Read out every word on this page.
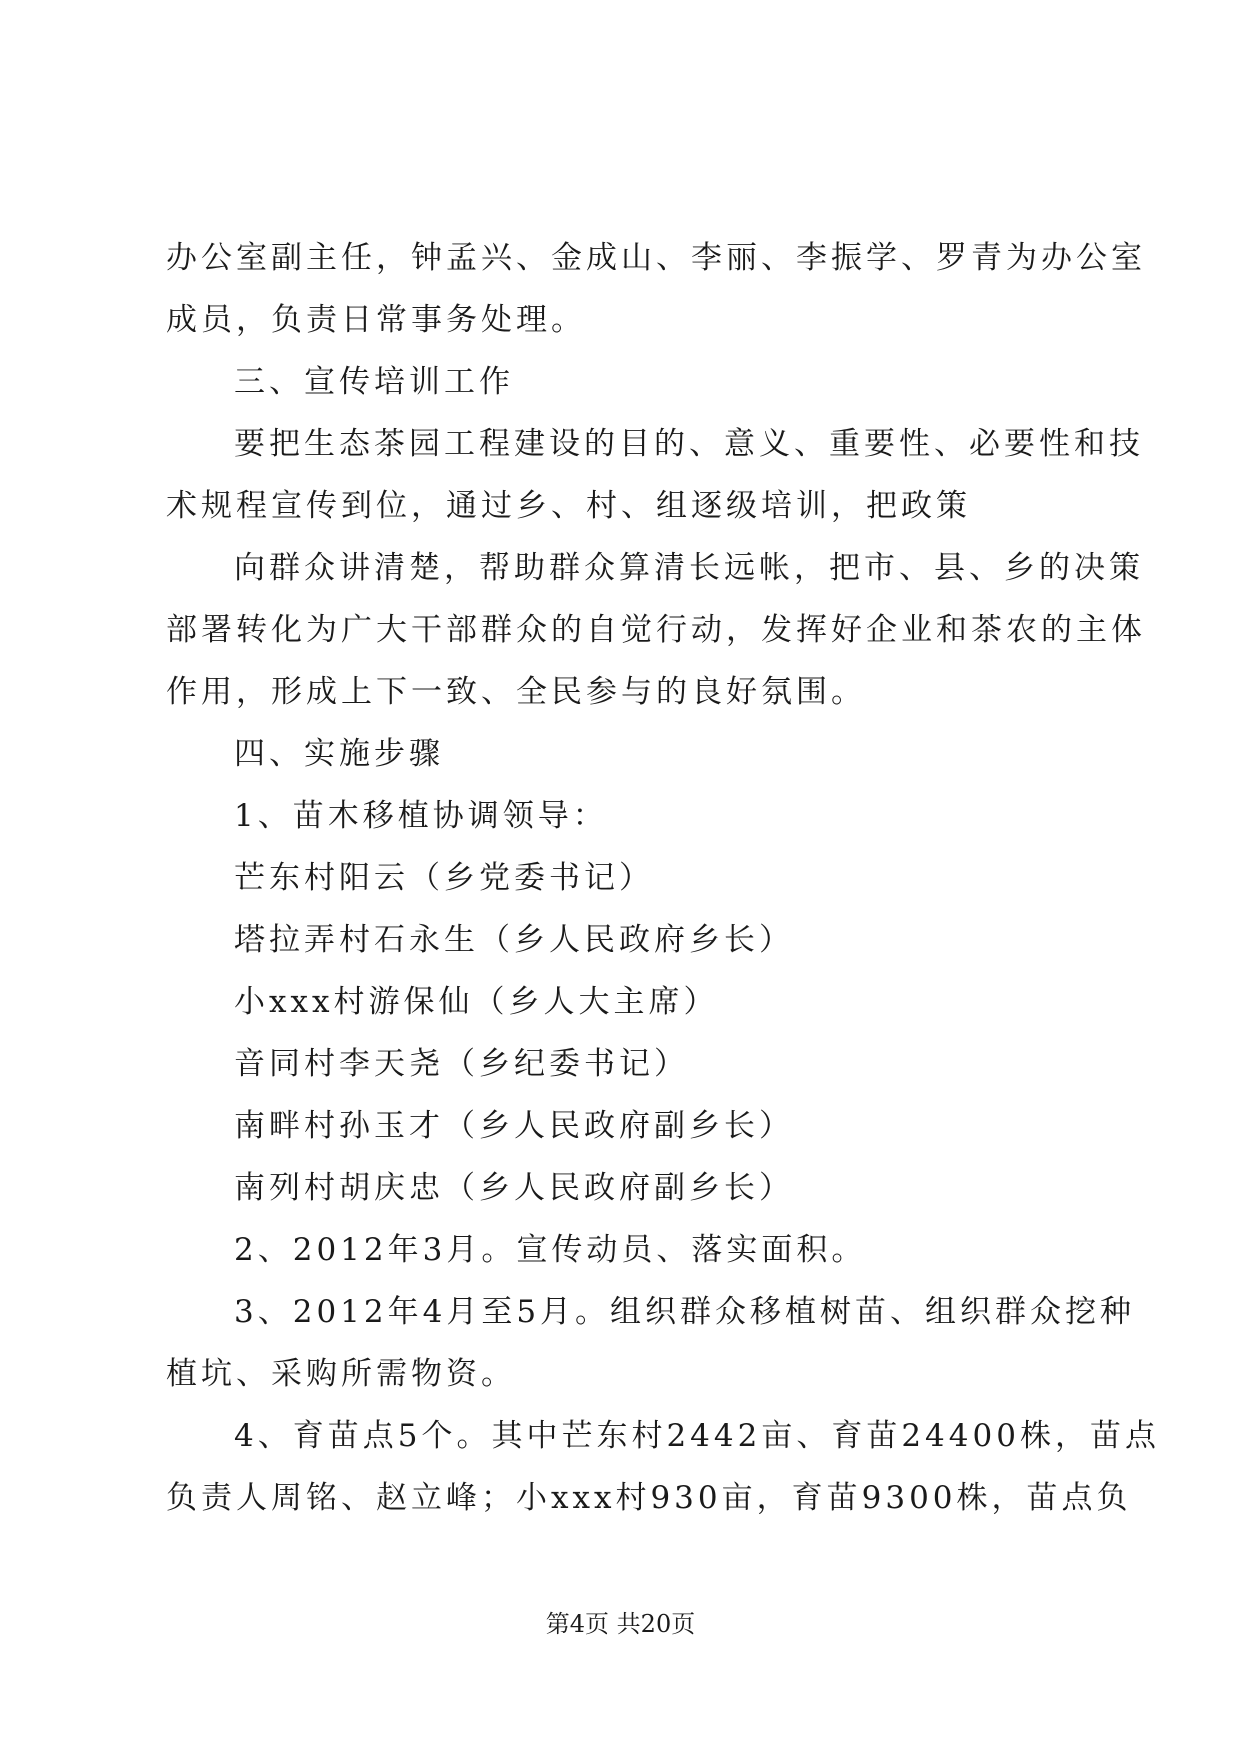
办公室副主任，钟孟兴、金成山、李丽、李振学、罗青为办公室
成员，负责日常事务处理。
三、宣传培训工作
要把生态茶园工程建设的目的、意义、重要性、必要性和技
术规程宣传到位，通过乡、村、组逐级培训，把政策
向群众讲清楚，帮助群众算清长远帐，把市、县、乡的决策
部署转化为广大干部群众的自觉行动，发挥好企业和茶农的主体
作用，形成上下一致、全民参与的良好氛围。
四、实施步骤
1、苗木移植协调领导：
芒东村阳云（乡党委书记）
塔拉弄村石永生（乡人民政府乡长）
小xxx村游保仙（乡人大主席）
音同村李天尧（乡纪委书记）
南畔村孙玉才（乡人民政府副乡长）
南列村胡庆忠（乡人民政府副乡长）
2、2012年3月。宣传动员、落实面积。
3、2012年4月至5月。组织群众移植树苗、组织群众挖种
植坑、采购所需物资。
4、育苗点5个。其中芒东村2442亩、育苗24400株，苗点
负责人周铭、赵立峰；小xxx村930亩，育苗9300株，苗点负
第4页 共20页
